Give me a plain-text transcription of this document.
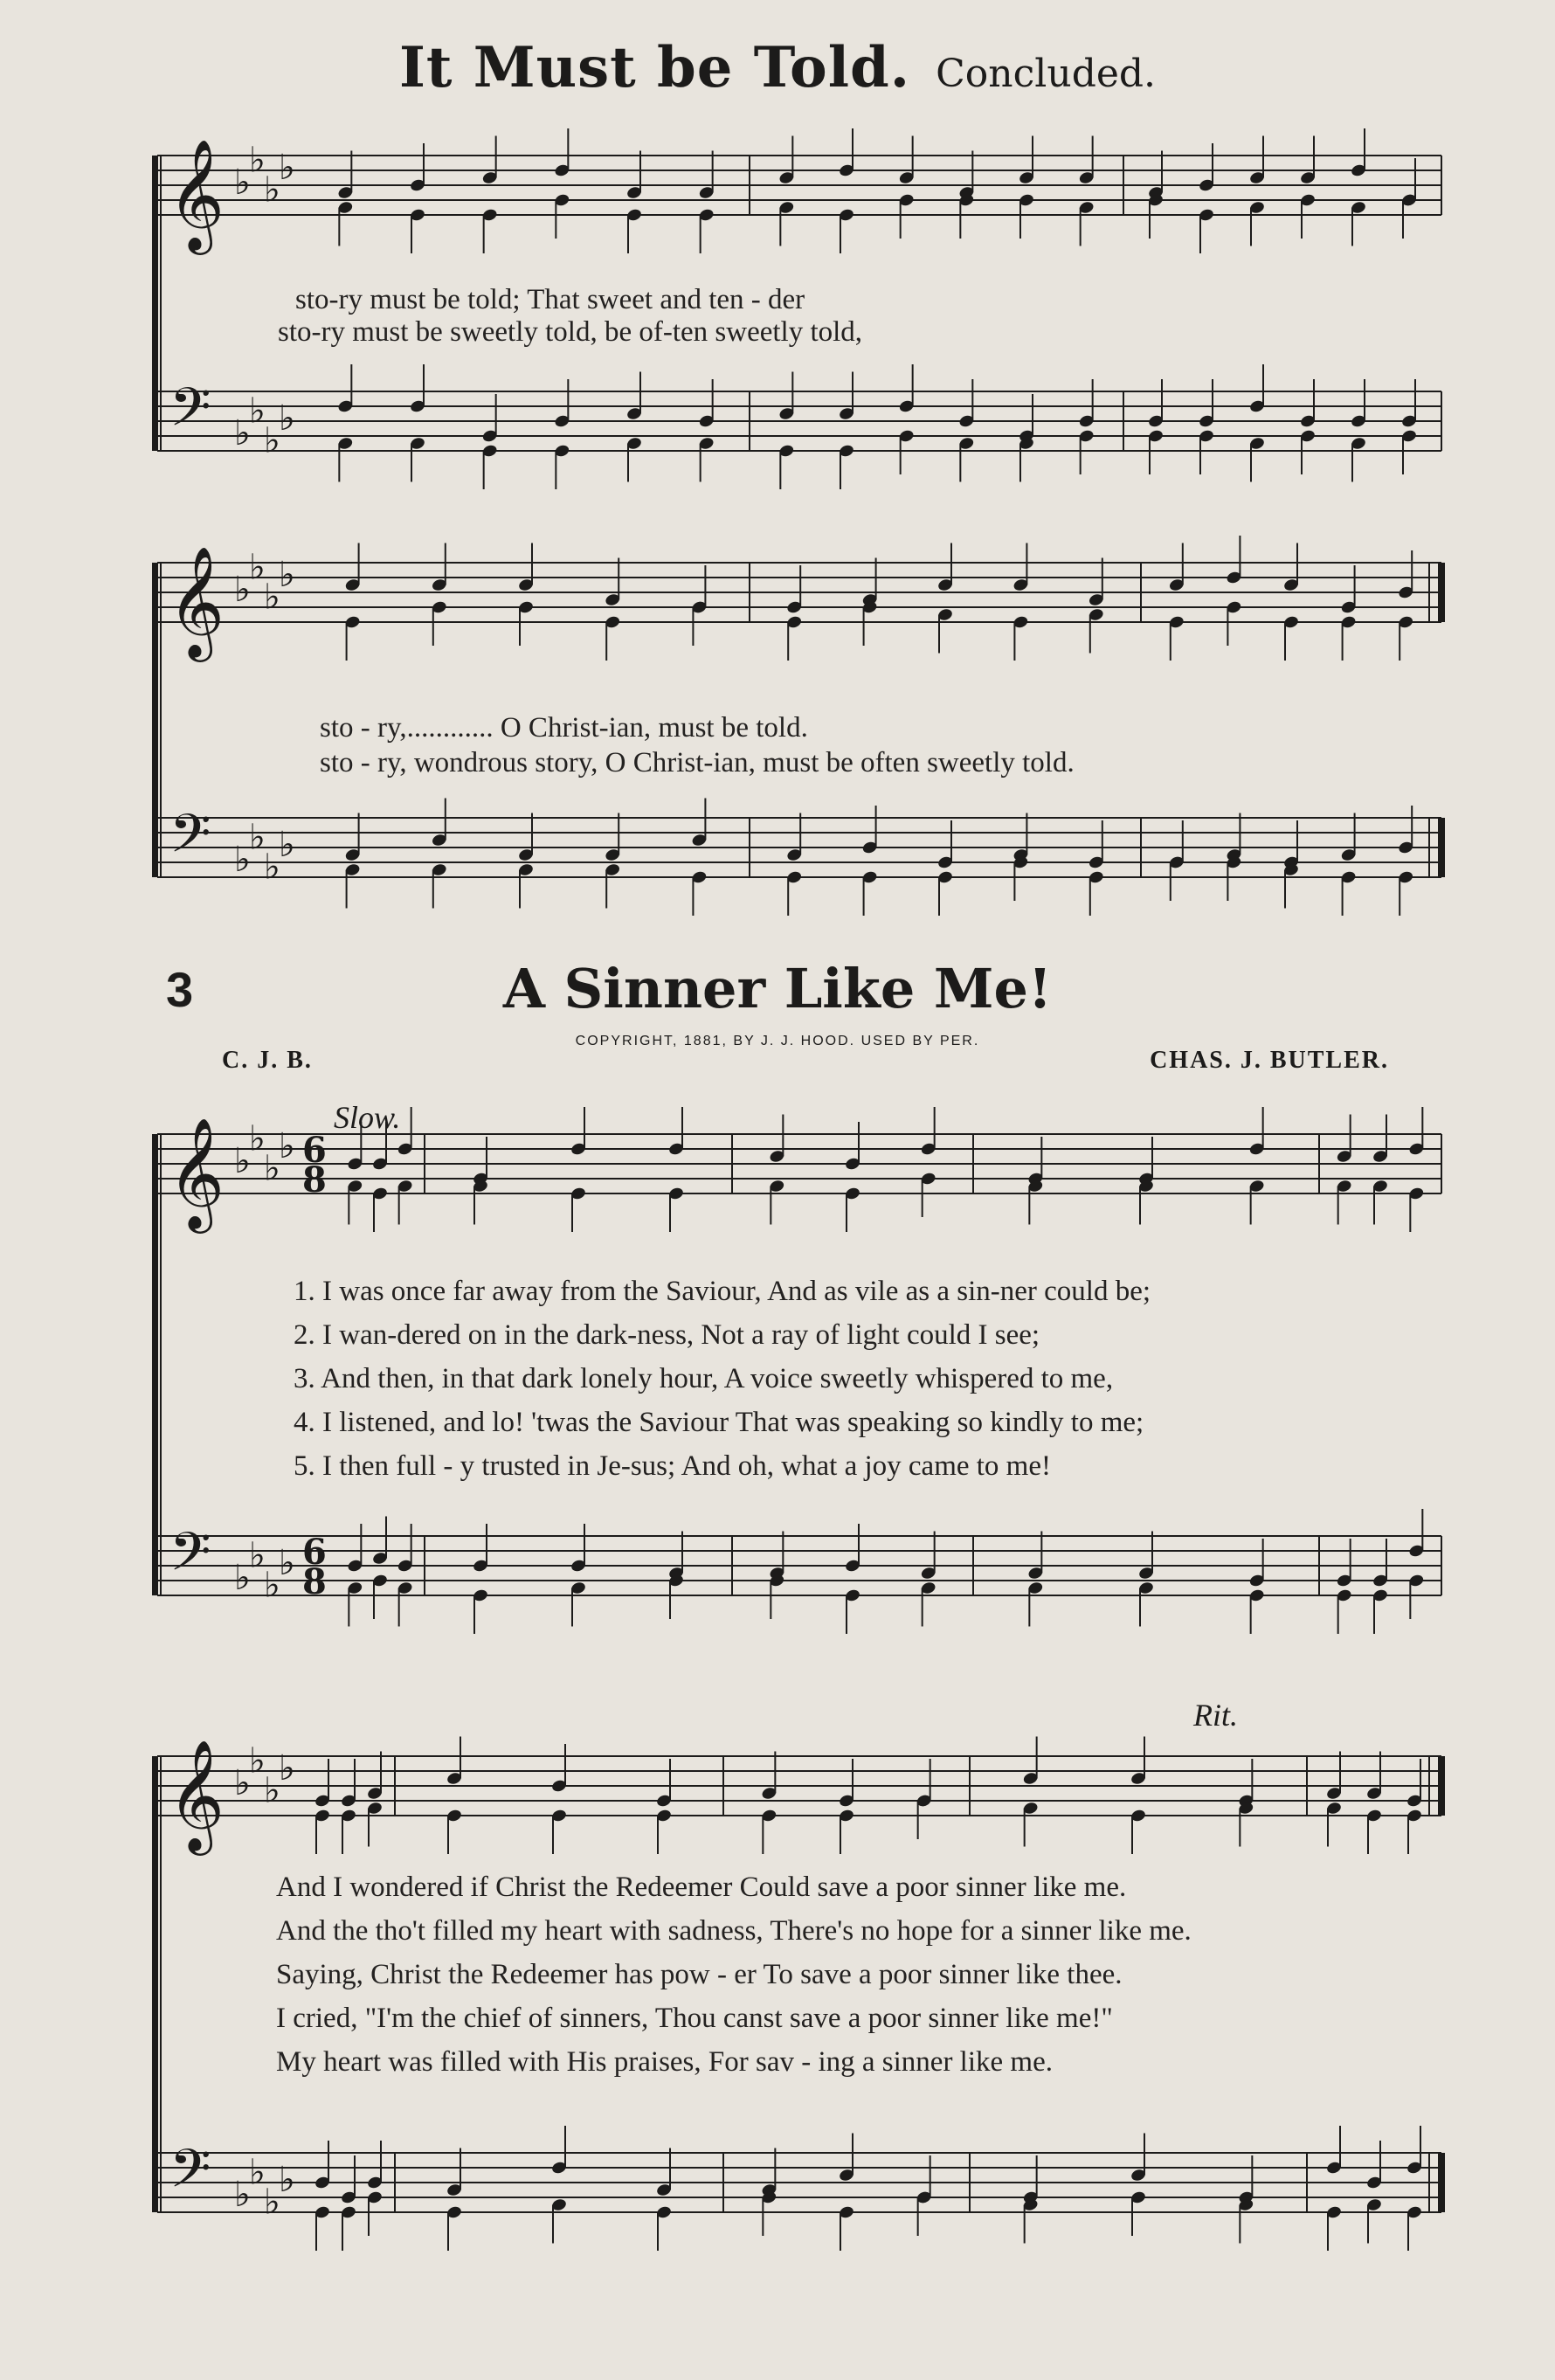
𝄞
𝄢
♭
♭
♭
♭
♭
♭
♭
♭
𝄞
𝄢
♭
♭
♭
♭
♭
♭
♭
♭
𝄞
𝄢
♭
♭
♭
♭
♭
♭
♭
♭
6
8
6
8
𝄞
𝄢
♭
♭
♭
♭
♭
♭
♭
♭
It Must be Told. Concluded.
sto-ry must be told; That sweet and ten - der
sto-ry must be sweetly told, be of-ten sweetly told,
sto - ry,............ O Christ-ian, must be told.
sto - ry, wondrous story, O Christ-ian, must be often sweetly told.
3	A Sinner Like Me!
COPYRIGHT, 1881, BY J. J. HOOD. USED BY PER.
C. J. B.	CHAS. J. BUTLER.
Slow.
Rit.
1. I was once far away from the Saviour, And as vile as a sin-ner could be;
2. I wan-dered on in the dark-ness, Not a ray of light could I see;
3. And then, in that dark lonely hour, A voice sweetly whispered to me,
4. I listened, and lo! 'twas the Saviour That was speaking so kindly to me;
5. I then full - y trusted in Je-sus; And oh, what a joy came to me!
And I wondered if Christ the Redeemer Could save a poor sinner like me.
And the tho't filled my heart with sadness, There's no hope for a sinner like me.
Saying, Christ the Redeemer has pow - er To save a poor sinner like thee.
I cried, "I'm the chief of sinners, Thou canst save a poor sinner like me!"
My heart was filled with His praises, For sav - ing a sinner like me.
